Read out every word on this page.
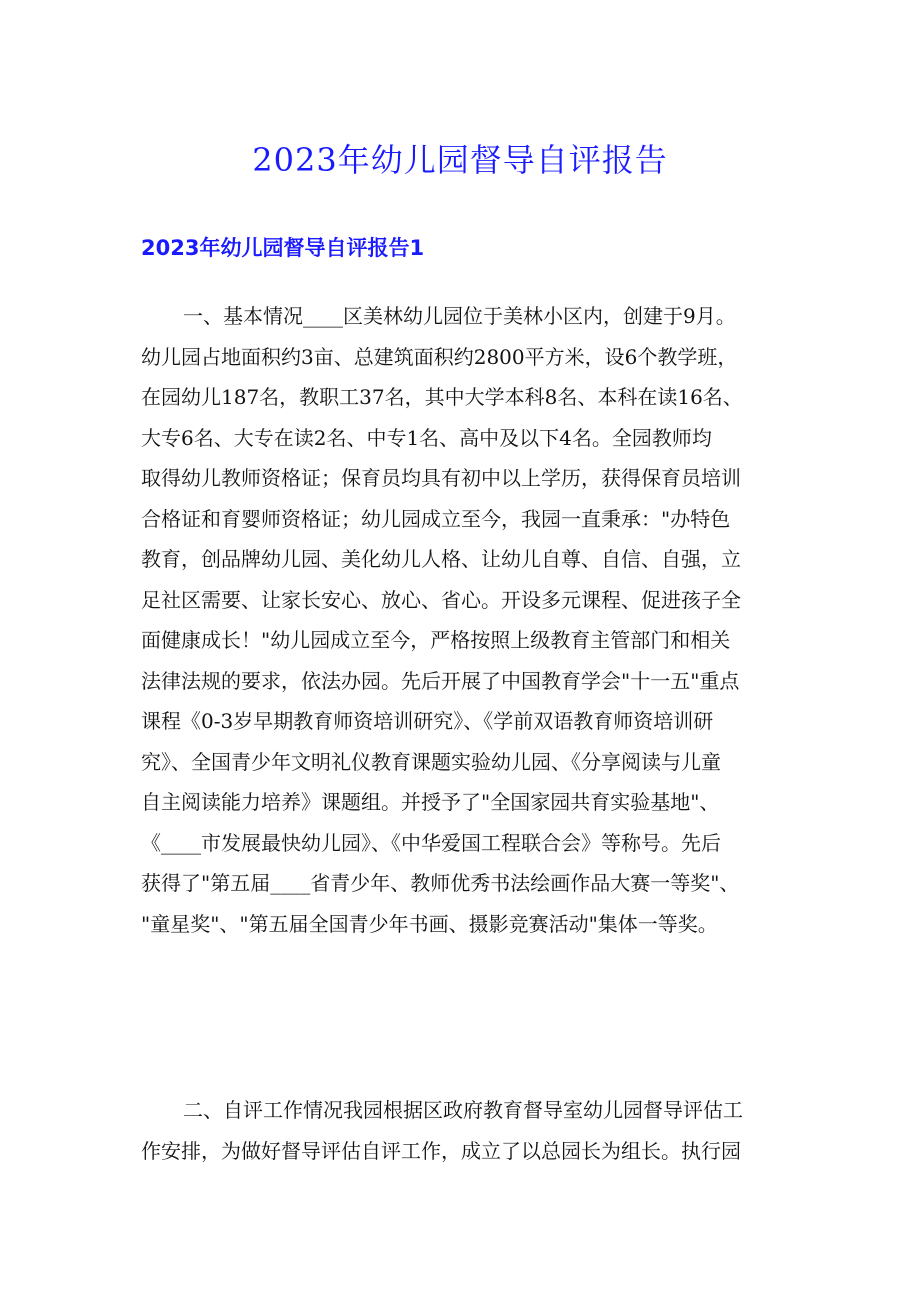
2023年幼儿园督导自评报告
2023年幼儿园督导自评报告1
一、基本情况____区美林幼儿园位于美林小区内，创建于9月。
幼儿园占地面积约3亩、总建筑面积约2800平方米，设6个教学班，
在园幼儿187名，教职工37名，其中大学本科8名、本科在读16名、
大专6名、大专在读2名、中专1名、高中及以下4名。全园教师均
取得幼儿教师资格证；保育员均具有初中以上学历，获得保育员培训
合格证和育婴师资格证；幼儿园成立至今，我园一直秉承："办特色
教育，创品牌幼儿园、美化幼儿人格、让幼儿自尊、自信、自强，立
足社区需要、让家长安心、放心、省心。开设多元课程、促进孩子全
面健康成长！"幼儿园成立至今，严格按照上级教育主管部门和相关
法律法规的要求，依法办园。先后开展了中国教育学会"十一五"重点
课程《0-3岁早期教育师资培训研究》、《学前双语教育师资培训研
究》、全国青少年文明礼仪教育课题实验幼儿园、《分享阅读与儿童
自主阅读能力培养》课题组。并授予了"全国家园共育实验基地"、
《____市发展最快幼儿园》、《中华爱国工程联合会》等称号。先后
获得了"第五届____省青少年、教师优秀书法绘画作品大赛一等奖"、
"童星奖"、"第五届全国青少年书画、摄影竞赛活动"集体一等奖。
二、自评工作情况我园根据区政府教育督导室幼儿园督导评估工
作安排，为做好督导评估自评工作，成立了以总园长为组长。执行园
